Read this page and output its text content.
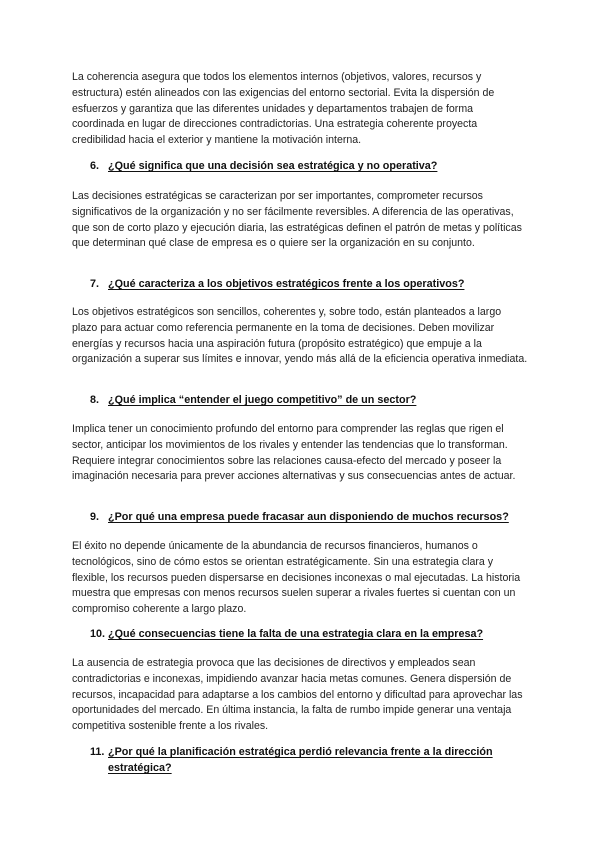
La coherencia asegura que todos los elementos internos (objetivos, valores, recursos y estructura) estén alineados con las exigencias del entorno sectorial. Evita la dispersión de esfuerzos y garantiza que las diferentes unidades y departamentos trabajen de forma coordinada en lugar de direcciones contradictorias. Una estrategia coherente proyecta credibilidad hacia el exterior y mantiene la motivación interna.

6. ¿Qué significa que una decisión sea estratégica y no operativa?

Las decisiones estratégicas se caracterizan por ser importantes, comprometer recursos significativos de la organización y no ser fácilmente reversibles. A diferencia de las operativas, que son de corto plazo y ejecución diaria, las estratégicas definen el patrón de metas y políticas que determinan qué clase de empresa es o quiere ser la organización en su conjunto.

7. ¿Qué caracteriza a los objetivos estratégicos frente a los operativos?

Los objetivos estratégicos son sencillos, coherentes y, sobre todo, están planteados a largo plazo para actuar como referencia permanente en la toma de decisiones. Deben movilizar energías y recursos hacia una aspiración futura (propósito estratégico) que empuje a la organización a superar sus límites e innovar, yendo más allá de la eficiencia operativa inmediata.

8. ¿Qué implica “entender el juego competitivo” de un sector?

Implica tener un conocimiento profundo del entorno para comprender las reglas que rigen el sector, anticipar los movimientos de los rivales y entender las tendencias que lo transforman. Requiere integrar conocimientos sobre las relaciones causa-efecto del mercado y poseer la imaginación necesaria para prever acciones alternativas y sus consecuencias antes de actuar.

9. ¿Por qué una empresa puede fracasar aun disponiendo de muchos recursos?

El éxito no depende únicamente de la abundancia de recursos financieros, humanos o tecnológicos, sino de cómo estos se orientan estratégicamente. Sin una estrategia clara y flexible, los recursos pueden dispersarse en decisiones inconexas o mal ejecutadas. La historia muestra que empresas con menos recursos suelen superar a rivales fuertes si cuentan con un compromiso coherente a largo plazo.

10. ¿Qué consecuencias tiene la falta de una estrategia clara en la empresa?

La ausencia de estrategia provoca que las decisiones de directivos y empleados sean contradictorias e inconexas, impidiendo avanzar hacia metas comunes. Genera dispersión de recursos, incapacidad para adaptarse a los cambios del entorno y dificultad para aprovechar las oportunidades del mercado. En última instancia, la falta de rumbo impide generar una ventaja competitiva sostenible frente a los rivales.

11. ¿Por qué la planificación estratégica perdió relevancia frente a la dirección estratégica?
